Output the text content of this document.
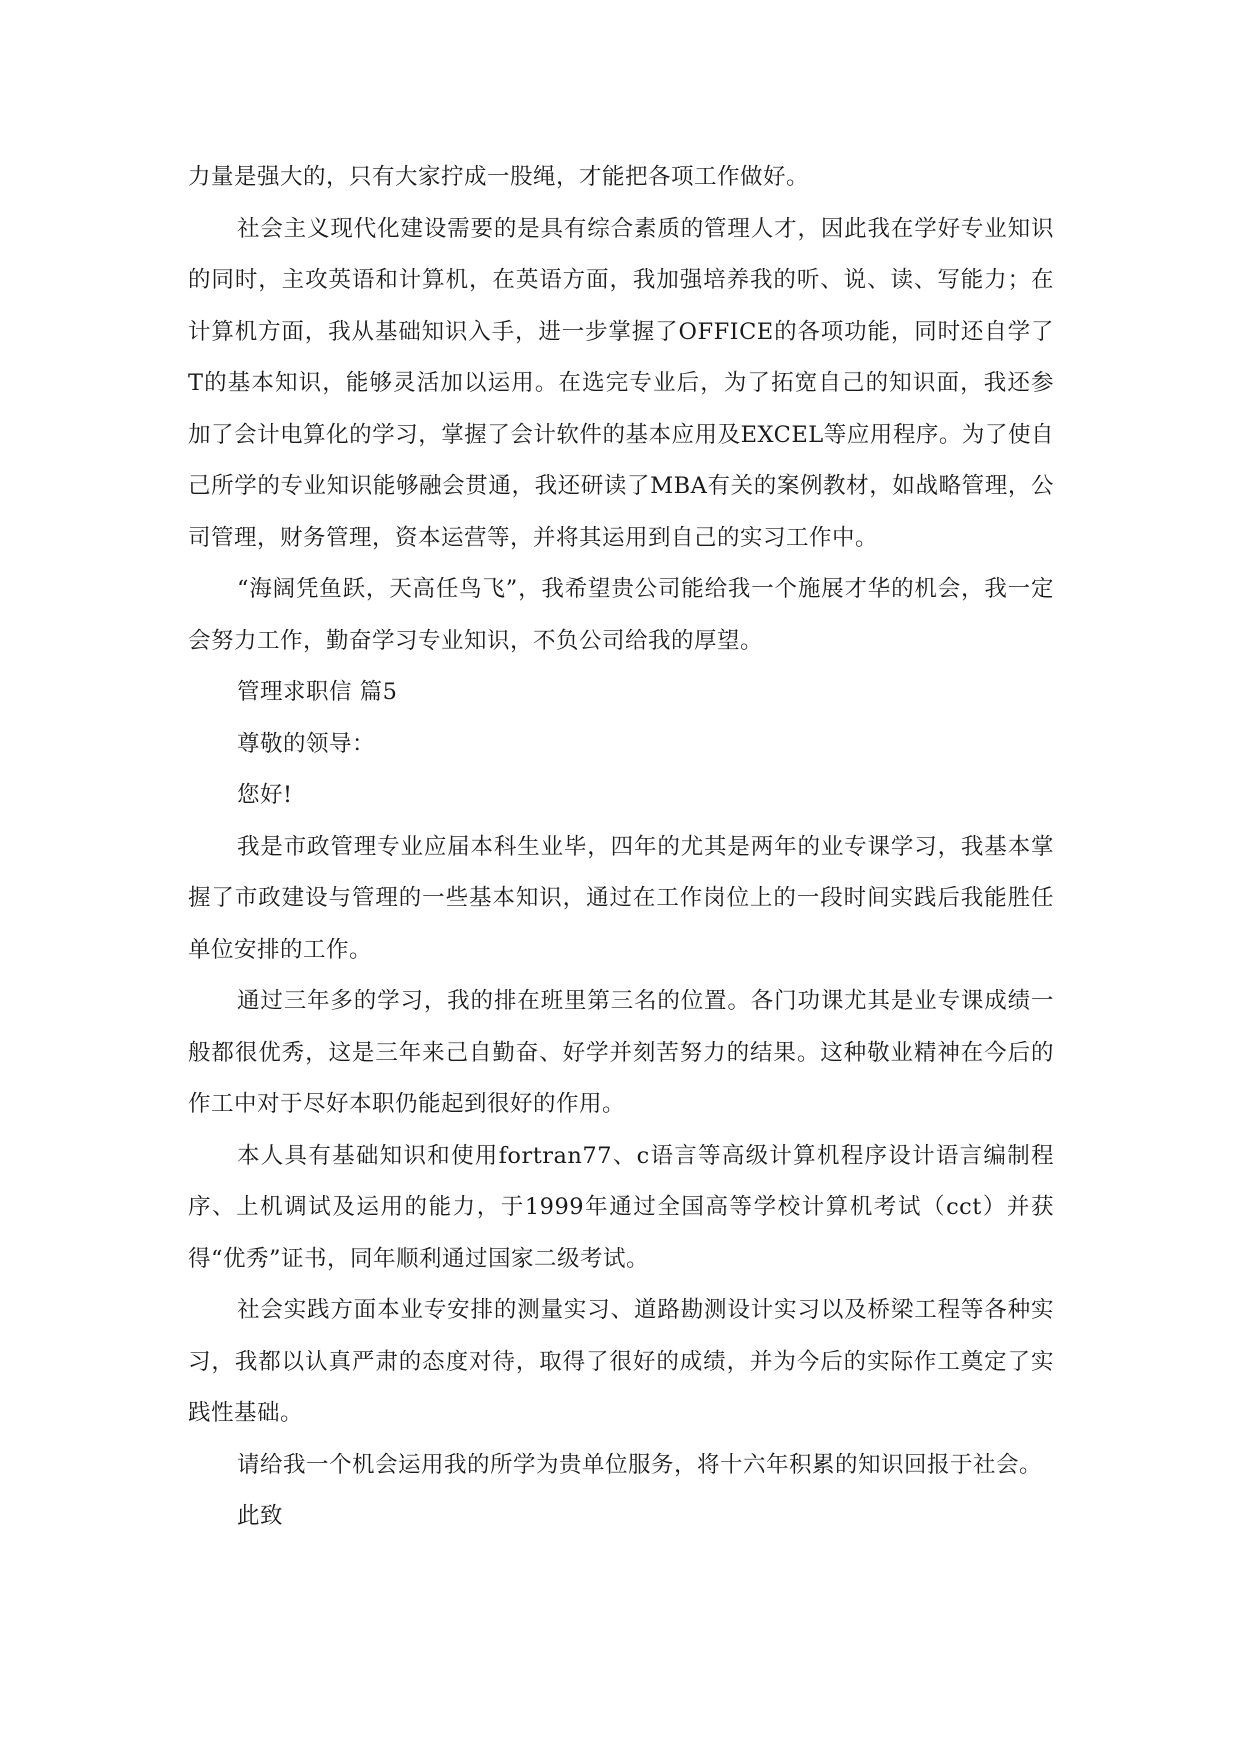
力量是强大的，只有大家拧成一股绳，才能把各项工作做好。

社会主义现代化建设需要的是具有综合素质的管理人才，因此我在学好专业知识的同时，主攻英语和计算机，在英语方面，我加强培养我的听、说、读、写能力；在计算机方面，我从基础知识入手，进一步掌握了OFFICE的各项功能，同时还自学了T的基本知识，能够灵活加以运用。在选完专业后，为了拓宽自己的知识面，我还参加了会计电算化的学习，掌握了会计软件的基本应用及EXCEL等应用程序。为了使自己所学的专业知识能够融会贯通，我还研读了MBA有关的案例教材，如战略管理，公司管理，财务管理，资本运营等，并将其运用到自己的实习工作中。

“海阔凭鱼跃，天高任鸟飞”，我希望贵公司能给我一个施展才华的机会，我一定会努力工作，勤奋学习专业知识，不负公司给我的厚望。

管理求职信 篇5

尊敬的领导：

您好!

我是市政管理专业应届本科生业毕，四年的尤其是两年的业专课学习，我基本掌握了市政建设与管理的一些基本知识，通过在工作岗位上的一段时间实践后我能胜任单位安排的工作。

通过三年多的学习，我的排在班里第三名的位置。各门功课尤其是业专课成绩一般都很优秀，这是三年来己自勤奋、好学并刻苦努力的结果。这种敬业精神在今后的作工中对于尽好本职仍能起到很好的作用。

本人具有基础知识和使用fortran77、c语言等高级计算机程序设计语言编制程序、上机调试及运用的能力，于1999年通过全国高等学校计算机考试（cct）并获得“优秀”证书，同年顺利通过国家二级考试。

社会实践方面本业专安排的测量实习、道路勘测设计实习以及桥梁工程等各种实习，我都以认真严肃的态度对待，取得了很好的成绩，并为今后的实际作工奠定了实践性基础。

请给我一个机会运用我的所学为贵单位服务，将十六年积累的知识回报于社会。

此致
